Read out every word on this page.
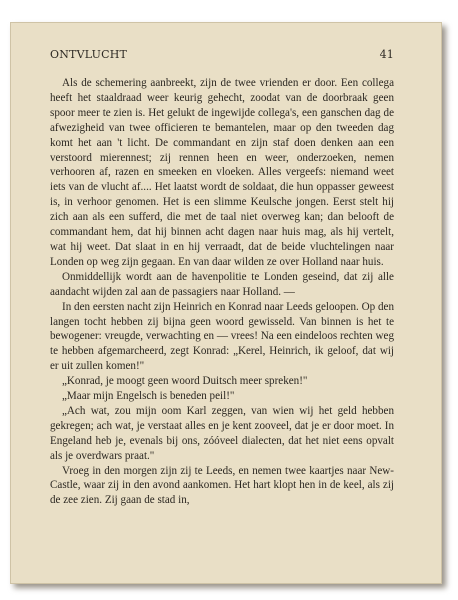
ONTVLUCHT	41

Als de schemering aanbreekt, zijn de twee vrienden er door. Een collega heeft het staaldraad weer keurig gehecht, zoodat van de doorbraak geen spoor meer te zien is. Het gelukt de ingewijde collega's, een ganschen dag de afwezigheid van twee officieren te bemantelen, maar op den tweeden dag komt het aan 't licht. De commandant en zijn staf doen denken aan een verstoord mierennest; zij rennen heen en weer, onderzoeken, nemen verhooren af, razen en smeeken en vloeken. Alles vergeefs: niemand weet iets van de vlucht af.... Het laatst wordt de soldaat, die hun oppasser geweest is, in verhoor genomen. Het is een slimme Keulsche jongen. Eerst stelt hij zich aan als een sufferd, die met de taal niet overweg kan; dan belooft de commandant hem, dat hij binnen acht dagen naar huis mag, als hij vertelt, wat hij weet. Dat slaat in en hij verraadt, dat de beide vluchtelingen naar Londen op weg zijn gegaan. En van daar wilden ze over Holland naar huis.

Onmiddellijk wordt aan de havenpolitie te Londen geseind, dat zij alle aandacht wijden zal aan de passagiers naar Holland. —

In den eersten nacht zijn Heinrich en Konrad naar Leeds geloopen. Op den langen tocht hebben zij bijna geen woord gewisseld. Van binnen is het te bewogener: vreugde, verwachting en — vrees! Na een eindeloos rechten weg te hebben afgemarcheerd, zegt Konrad: „Kerel, Heinrich, ik geloof, dat wij er uit zullen komen!"

„Konrad, je moogt geen woord Duitsch meer spreken!"

„Maar mijn Engelsch is beneden peil!"

„Ach wat, zou mijn oom Karl zeggen, van wien wij het geld hebben gekregen; ach wat, je verstaat alles en je kent zooveel, dat je er door moet. In Engeland heb je, evenals bij ons, zóóveel dialecten, dat het niet eens opvalt als je overdwars praat."

Vroeg in den morgen zijn zij te Leeds, en nemen twee kaartjes naar New-Castle, waar zij in den avond aankomen. Het hart klopt hen in de keel, als zij de zee zien. Zij gaan de stad in,
